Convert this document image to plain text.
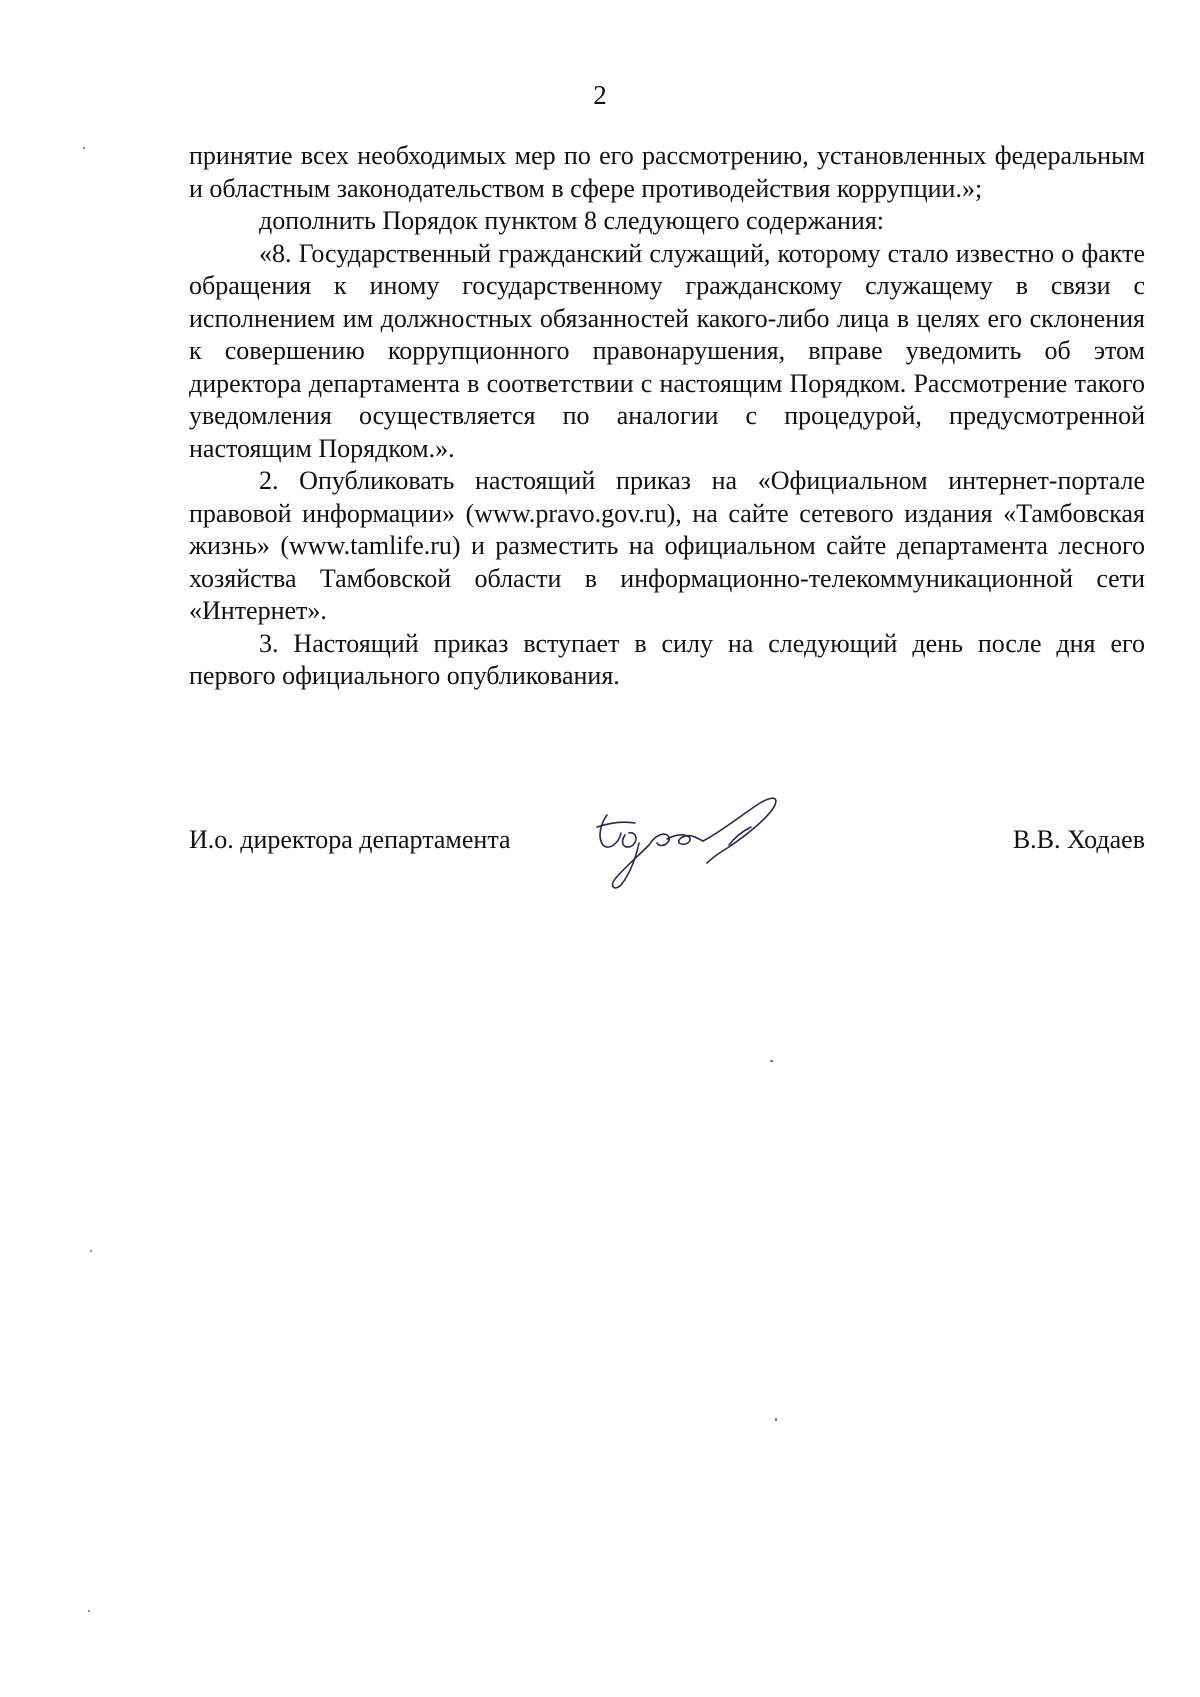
2

принятие всех необходимых мер по его рассмотрению, установленных федеральным и областным законодательством в сфере противодействия коррупции.»;

дополнить Порядок пунктом 8 следующего содержания:

«8. Государственный гражданский служащий, которому стало известно о факте обращения к иному государственному гражданскому служащему в связи с исполнением им должностных обязанностей какого-либо лица в целях его склонения к совершению коррупционного правонарушения, вправе уведомить об этом директора департамента в соответствии с настоящим Порядком. Рассмотрение такого уведомления осуществляется по аналогии с процедурой, предусмотренной настоящим Порядком.».

2. Опубликовать настоящий приказ на «Официальном интернет-портале правовой информации» (www.pravo.gov.ru), на сайте сетевого издания «Тамбовская жизнь» (www.tamlife.ru) и разместить на официальном сайте департамента лесного хозяйства Тамбовской области в информационно-телекоммуникационной сети «Интернет».

3. Настоящий приказ вступает в силу на следующий день после дня его первого официального опубликования.

И.о. директора департамента	В.В. Ходаев
